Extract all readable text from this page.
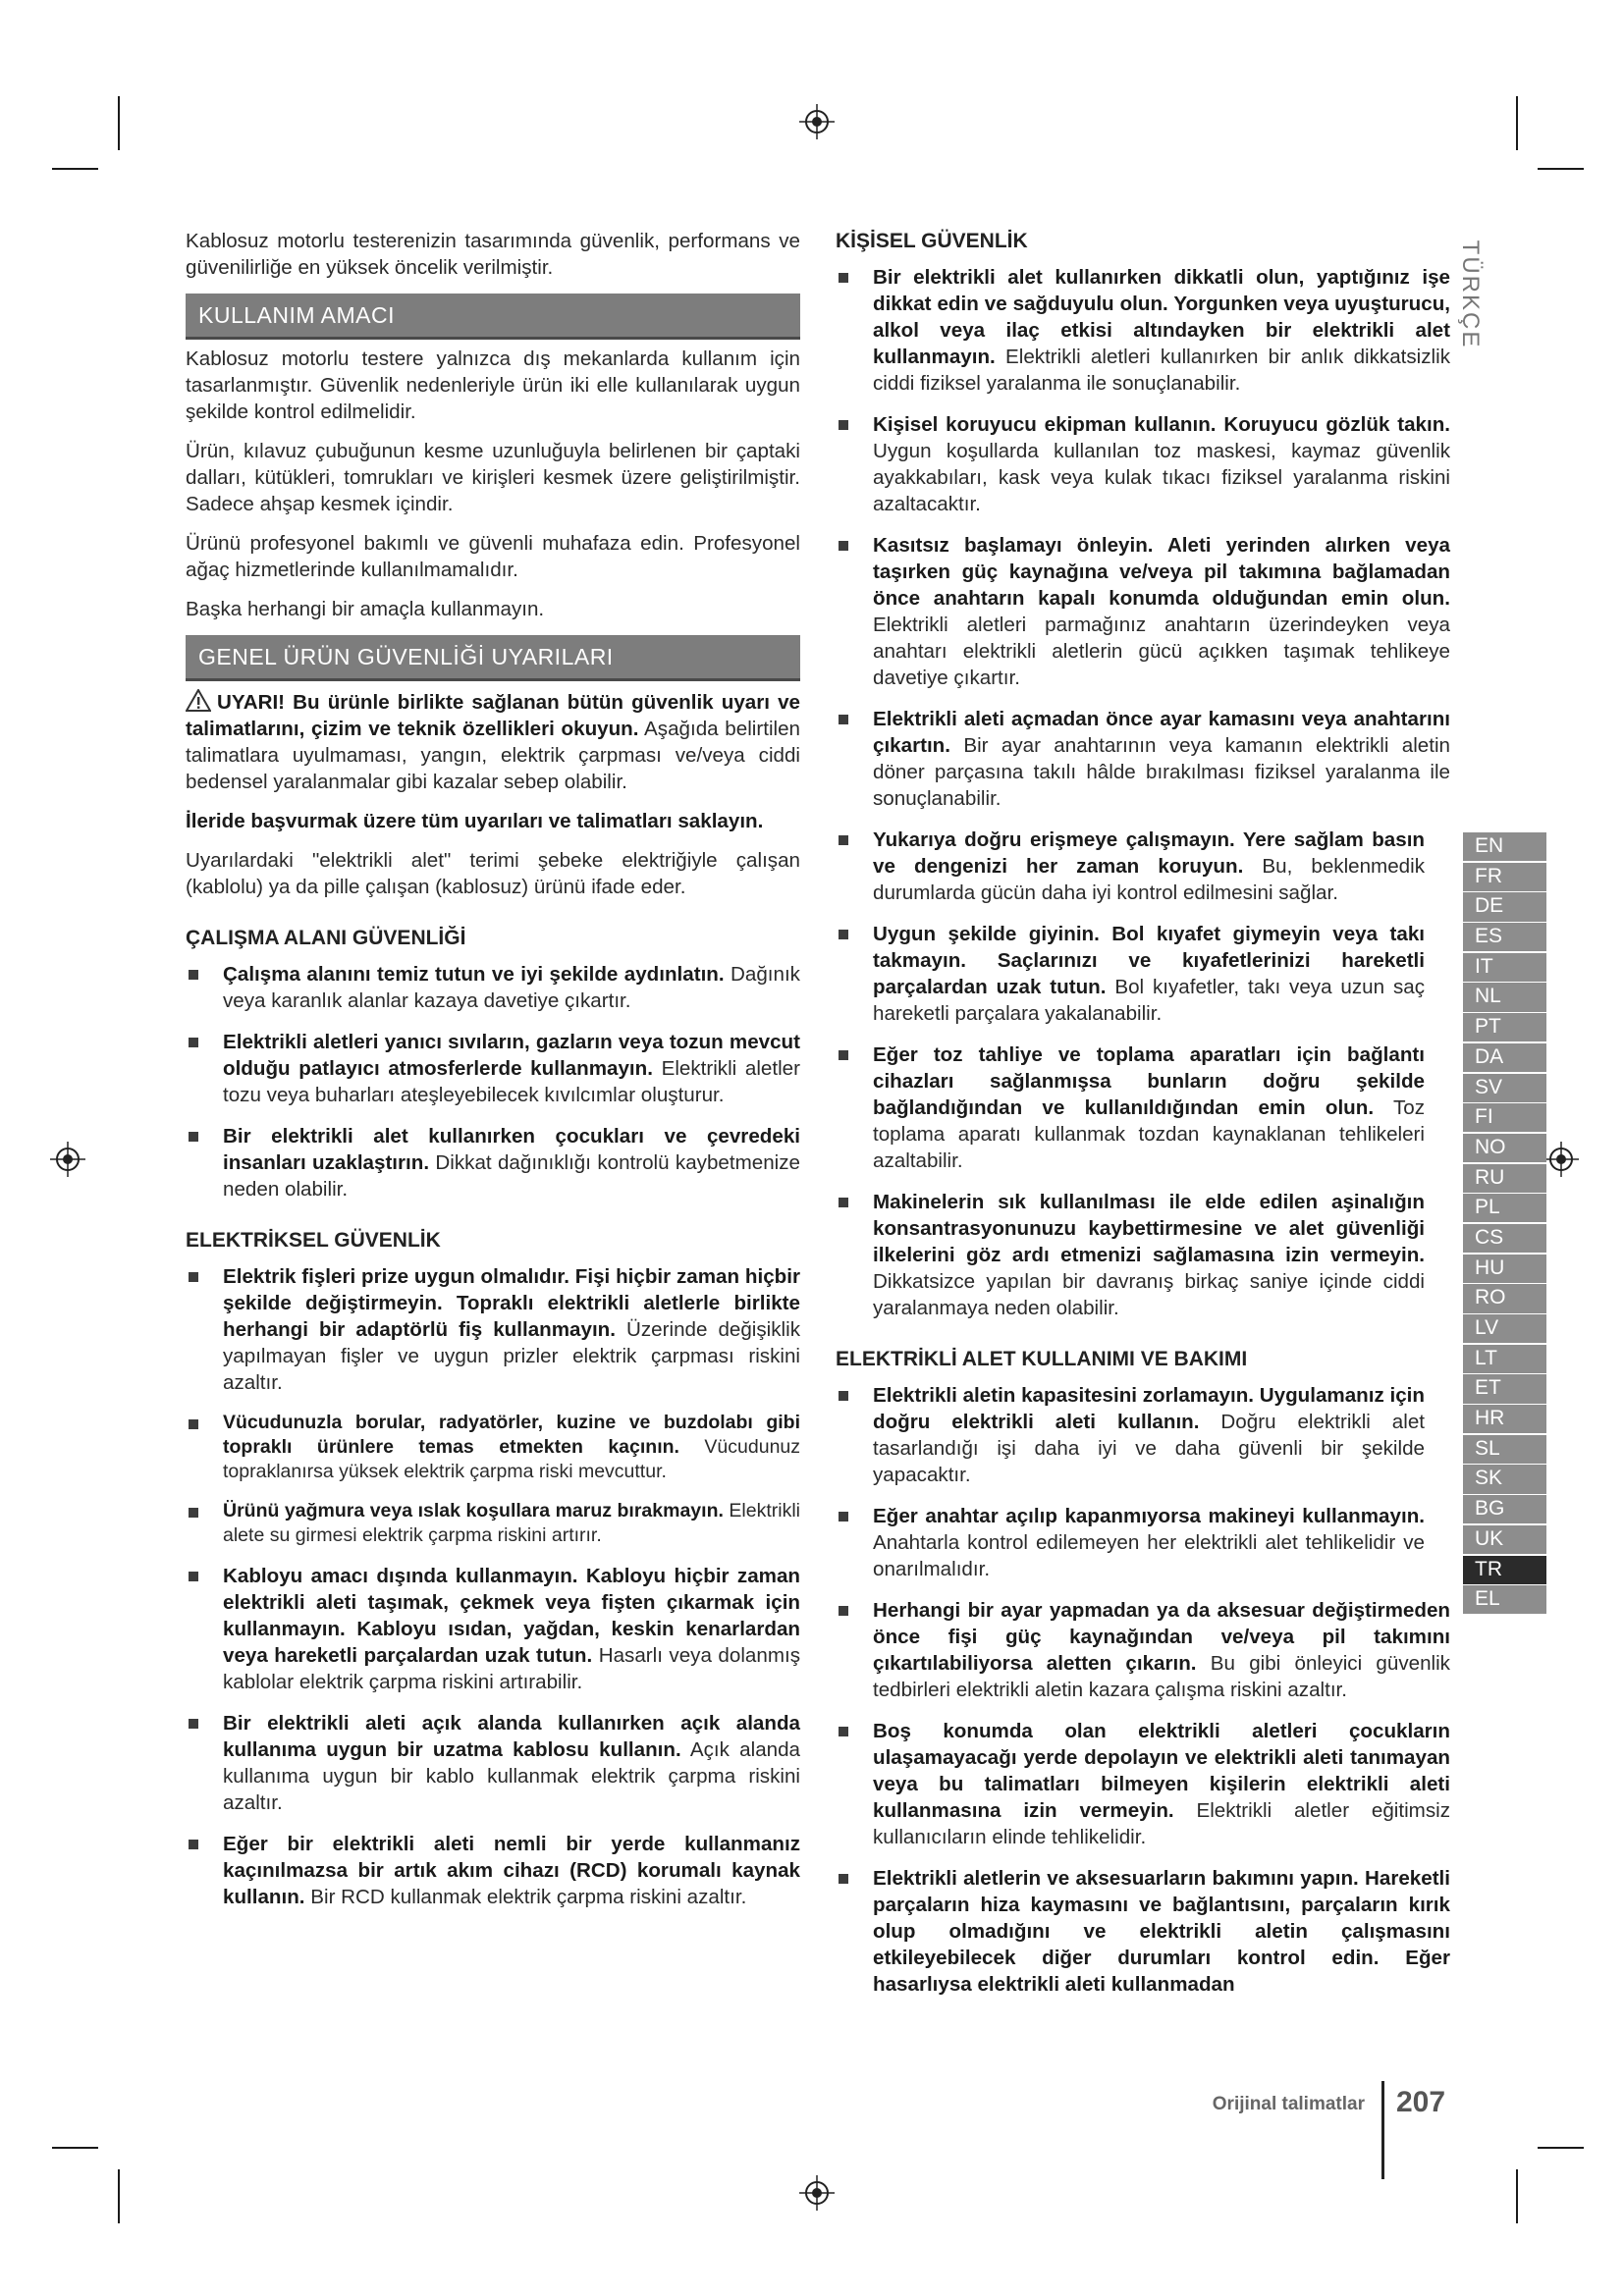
Kablosuz motorlu testerenizin tasarımında güvenlik, performans ve güvenilirliğe en yüksek öncelik verilmiştir.

KULLANIM AMACI

Kablosuz motorlu testere yalnızca dış mekanlarda kullanım için tasarlanmıştır. Güvenlik nedenleriyle ürün iki elle kullanılarak uygun şekilde kontrol edilmelidir.

Ürün, kılavuz çubuğunun kesme uzunluğuyla belirlenen bir çaptaki dalları, kütükleri, tomrukları ve kirişleri kesmek üzere geliştirilmiştir. Sadece ahşap kesmek içindir.

Ürünü profesyonel bakımlı ve güvenli muhafaza edin. Profesyonel ağaç hizmetlerinde kullanılmamalıdır.

Başka herhangi bir amaçla kullanmayın.

GENEL ÜRÜN GÜVENLİĞİ UYARILARI

UYARI! Bu ürünle birlikte sağlanan bütün güvenlik uyarı ve talimatlarını, çizim ve teknik özellikleri okuyun. Aşağıda belirtilen talimatlara uyulmaması, yangın, elektrik çarpması ve/veya ciddi bedensel yaralanmalar gibi kazalar sebep olabilir.

İleride başvurmak üzere tüm uyarıları ve talimatları saklayın.

Uyarılardaki "elektrikli alet" terimi şebeke elektriğiyle çalışan (kablolu) ya da pille çalışan (kablosuz) ürünü ifade eder.

ÇALIŞMA ALANI GÜVENLİĞİ
Çalışma alanını temiz tutun ve iyi şekilde aydınlatın. Dağınık veya karanlık alanlar kazaya davetiye çıkartır.
Elektrikli aletleri yanıcı sıvıların, gazların veya tozun mevcut olduğu patlayıcı atmosferlerde kullanmayın. Elektrikli aletler tozu veya buharları ateşleyebilecek kıvılcımlar oluşturur.
Bir elektrikli alet kullanırken çocukları ve çevredeki insanları uzaklaştırın. Dikkat dağınıklığı kontrolü kaybetmenize neden olabilir.
ELEKTRİKSEL GÜVENLİK
Elektrik fişleri prize uygun olmalıdır. Fişi hiçbir zaman hiçbir şekilde değiştirmeyin. Topraklı elektrikli aletlerle birlikte herhangi bir adaptörlü fiş kullanmayın. Üzerinde değişiklik yapılmayan fişler ve uygun prizler elektrik çarpması riskini azaltır.
Vücudunuzla borular, radyatörler, kuzine ve buzdolabı gibi topraklı ürünlere temas etmekten kaçının. Vücudunuz topraklanırsa yüksek elektrik çarpma riski mevcuttur.
Ürünü yağmura veya ıslak koşullara maruz bırakmayın. Elektrikli alete su girmesi elektrik çarpma riskini artırır.
Kabloyu amacı dışında kullanmayın. Kabloyu hiçbir zaman elektrikli aleti taşımak, çekmek veya fişten çıkarmak için kullanmayın. Kabloyu ısıdan, yağdan, keskin kenarlardan veya hareketli parçalardan uzak tutun. Hasarlı veya dolanmış kablolar elektrik çarpma riskini artırabilir.
Bir elektrikli aleti açık alanda kullanırken açık alanda kullanıma uygun bir uzatma kablosu kullanın. Açık alanda kullanıma uygun bir kablo kullanmak elektrik çarpma riskini azaltır.
Eğer bir elektrikli aleti nemli bir yerde kullanmanız kaçınılmazsa bir artık akım cihazı (RCD) korumalı kaynak kullanın. Bir RCD kullanmak elektrik çarpma riskini azaltır.
KİŞİSEL GÜVENLİK
Bir elektrikli alet kullanırken dikkatli olun, yaptığınız işe dikkat edin ve sağduyulu olun. Yorgunken veya uyuşturucu, alkol veya ilaç etkisi altındayken bir elektrikli alet kullanmayın. Elektrikli aletleri kullanırken bir anlık dikkatsizlik ciddi fiziksel yaralanma ile sonuçlanabilir.
Kişisel koruyucu ekipman kullanın. Koruyucu gözlük takın. Uygun koşullarda kullanılan toz maskesi, kaymaz güvenlik ayakkabıları, kask veya kulak tıkacı fiziksel yaralanma riskini azaltacaktır.
Kasıtsız başlamayı önleyin. Aleti yerinden alırken veya taşırken güç kaynağına ve/veya pil takımına bağlamadan önce anahtarın kapalı konumda olduğundan emin olun. Elektrikli aletleri parmağınız anahtarın üzerindeyken veya anahtarı elektrikli aletlerin gücü açıkken taşımak tehlikeye davetiye çıkartır.
Elektrikli aleti açmadan önce ayar kamasını veya anahtarını çıkartın. Bir ayar anahtarının veya kamanın elektrikli aletin döner parçasına takılı hâlde bırakılması fiziksel yaralanma ile sonuçlanabilir.
Yukarıya doğru erişmeye çalışmayın. Yere sağlam basın ve dengenizi her zaman koruyun. Bu, beklenmedik durumlarda gücün daha iyi kontrol edilmesini sağlar.
Uygun şekilde giyinin. Bol kıyafet giymeyin veya takı takmayın. Saçlarınızı ve kıyafetlerinizi hareketli parçalardan uzak tutun. Bol kıyafetler, takı veya uzun saç hareketli parçalara yakalanabilir.
Eğer toz tahliye ve toplama aparatları için bağlantı cihazları sağlanmışsa bunların doğru şekilde bağlandığından ve kullanıldığından emin olun. Toz toplama aparatı kullanmak tozdan kaynaklanan tehlikeleri azaltabilir.
Makinelerin sık kullanılması ile elde edilen aşinalığın konsantrasyonunuzu kaybettirmesine ve alet güvenliği ilkelerini göz ardı etmenizi sağlamasına izin vermeyin. Dikkatsizce yapılan bir davranış birkaç saniye içinde ciddi yaralanmaya neden olabilir.
ELEKTRİKLİ ALET KULLANIMI VE BAKIMI
Elektrikli aletin kapasitesini zorlamayın. Uygulamanız için doğru elektrikli aleti kullanın. Doğru elektrikli alet tasarlandığı işi daha iyi ve daha güvenli bir şekilde yapacaktır.
Eğer anahtar açılıp kapanmıyorsa makineyi kullanmayın. Anahtarla kontrol edilemeyen her elektrikli alet tehlikelidir ve onarılmalıdır.
Herhangi bir ayar yapmadan ya da aksesuar değiştirmeden önce fişi güç kaynağından ve/veya pil takımını çıkartılabiliyorsa aletten çıkarın. Bu gibi önleyici güvenlik tedbirleri elektrikli aletin kazara çalışma riskini azaltır.
Boş konumda olan elektrikli aletleri çocukların ulaşamayacağı yerde depolayın ve elektrikli aleti tanımayan veya bu talimatları bilmeyen kişilerin elektrikli aleti kullanmasına izin vermeyin. Elektrikli aletler eğitimsiz kullanıcıların elinde tehlikelidir.
Elektrikli aletlerin ve aksesuarların bakımını yapın. Hareketli parçaların hiza kaymasını ve bağlantısını, parçaların kırık olup olmadığını ve elektrikli aletin çalışmasını etkileyebilecek diğer durumları kontrol edin. Eğer hasarlıysa elektrikli aleti kullanmadan
TÜRKÇE
EN
FR
DE
ES
IT
NL
PT
DA
SV
FI
NO
RU
PL
CS
HU
RO
LV
LT
ET
HR
SL
SK
BG
UK
TR
EL
Orijinal talimatlar 207
